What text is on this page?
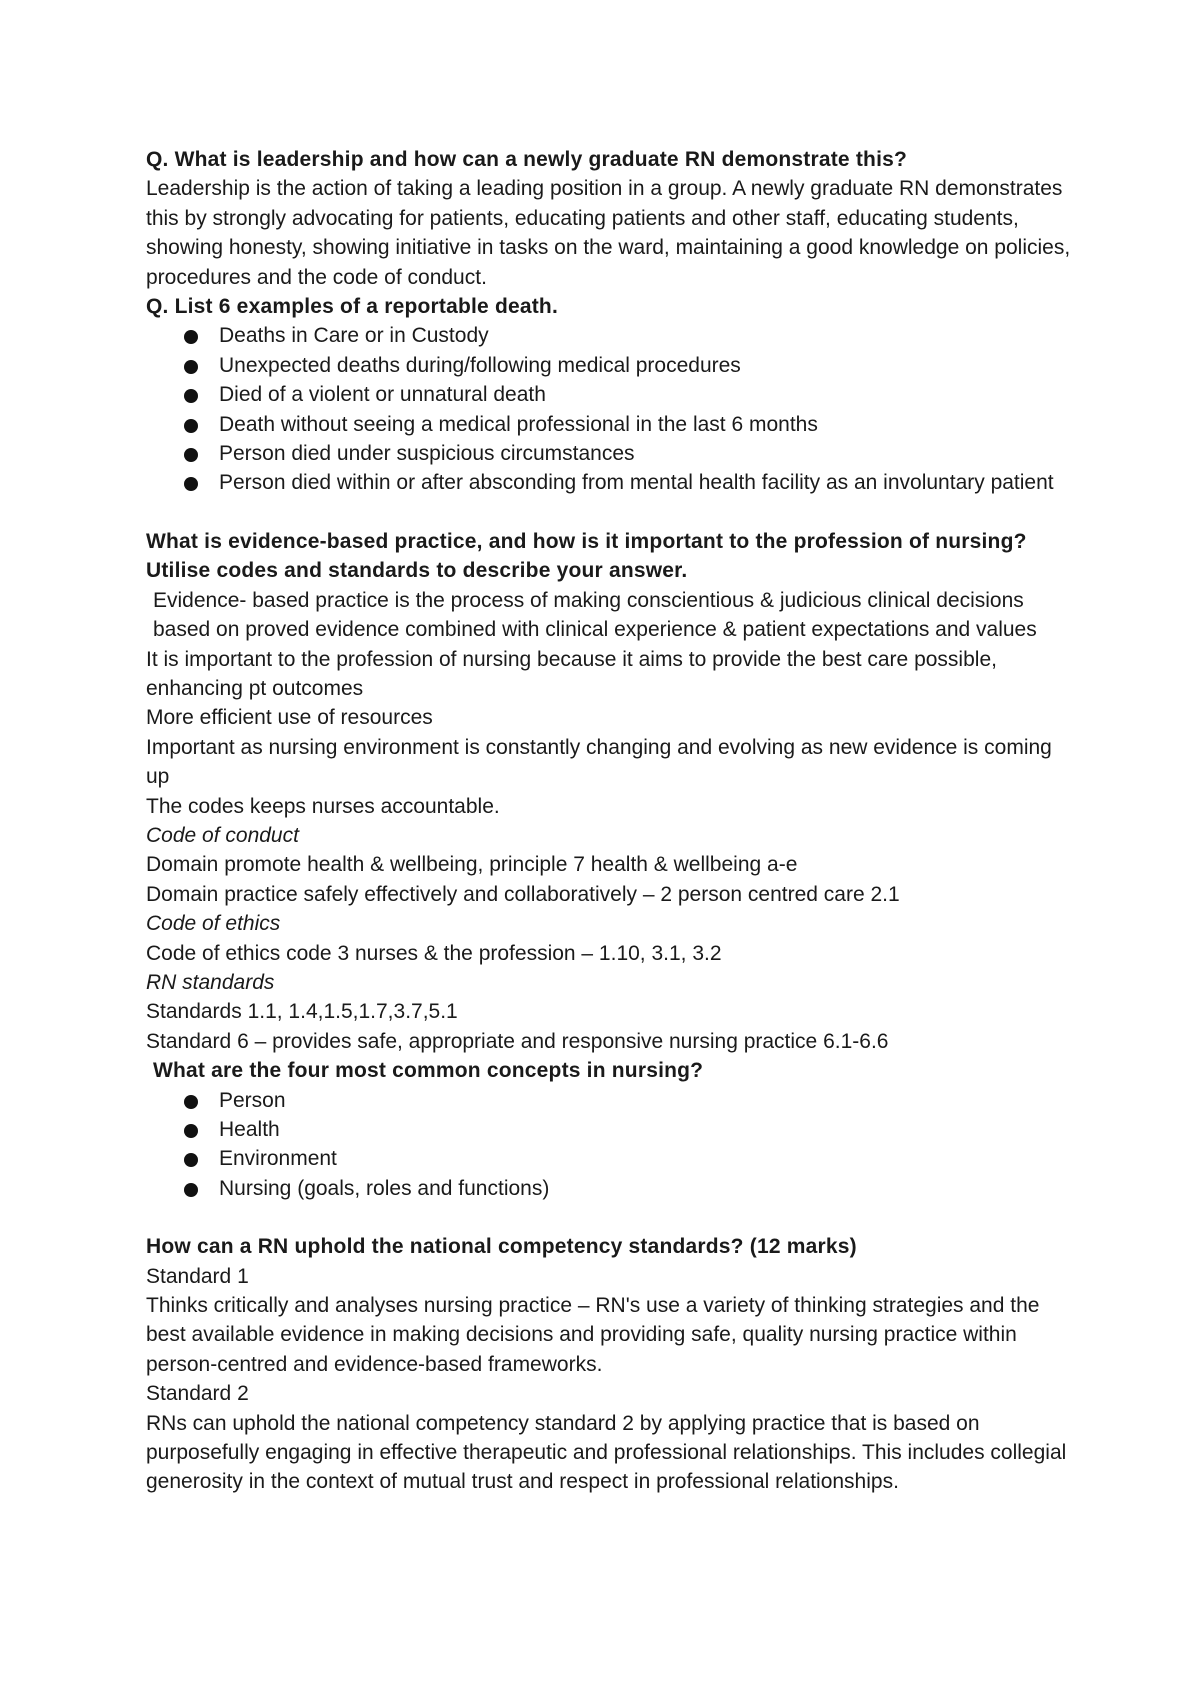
Q. What is leadership and how can a newly graduate RN demonstrate this?

Leadership is the action of taking a leading position in a group. A newly graduate RN demonstrates this by strongly advocating for patients, educating patients and other staff, educating students, showing honesty, showing initiative in tasks on the ward, maintaining a good knowledge on policies, procedures and the code of conduct.

Q. List 6 examples of a reportable death.

Deaths in Care or in Custody
Unexpected deaths during/following medical procedures
Died of a violent or unnatural death
Death without seeing a medical professional in the last 6 months
Person died under suspicious circumstances
Person died within or after absconding from mental health facility as an involuntary patient

What is evidence-based practice, and how is it important to the profession of nursing? Utilise codes and standards to describe your answer.

Evidence- based practice is the process of making conscientious & judicious clinical decisions based on proved evidence combined with clinical experience & patient expectations and values

It is important to the profession of nursing because it aims to provide the best care possible, enhancing pt outcomes

More efficient use of resources

Important as nursing environment is constantly changing and evolving as new evidence is coming up

The codes keeps nurses accountable.

Code of conduct

Domain promote health & wellbeing, principle 7 health & wellbeing a-e

Domain practice safely effectively and collaboratively – 2 person centred care 2.1

Code of ethics

Code of ethics code 3 nurses & the profession – 1.10, 3.1, 3.2

RN standards

Standards 1.1, 1.4,1.5,1.7,3.7,5.1

Standard 6 – provides safe, appropriate and responsive nursing practice 6.1-6.6

What are the four most common concepts in nursing?

Person
Health
Environment
Nursing (goals, roles and functions)

How can a RN uphold the national competency standards? (12 marks)

Standard 1

Thinks critically and analyses nursing practice – RN's use a variety of thinking strategies and the best available evidence in making decisions and providing safe, quality nursing practice within person-centred and evidence-based frameworks.

Standard 2

RNs can uphold the national competency standard 2 by applying practice that is based on purposefully engaging in effective therapeutic and professional relationships. This includes collegial generosity in the context of mutual trust and respect in professional relationships.
